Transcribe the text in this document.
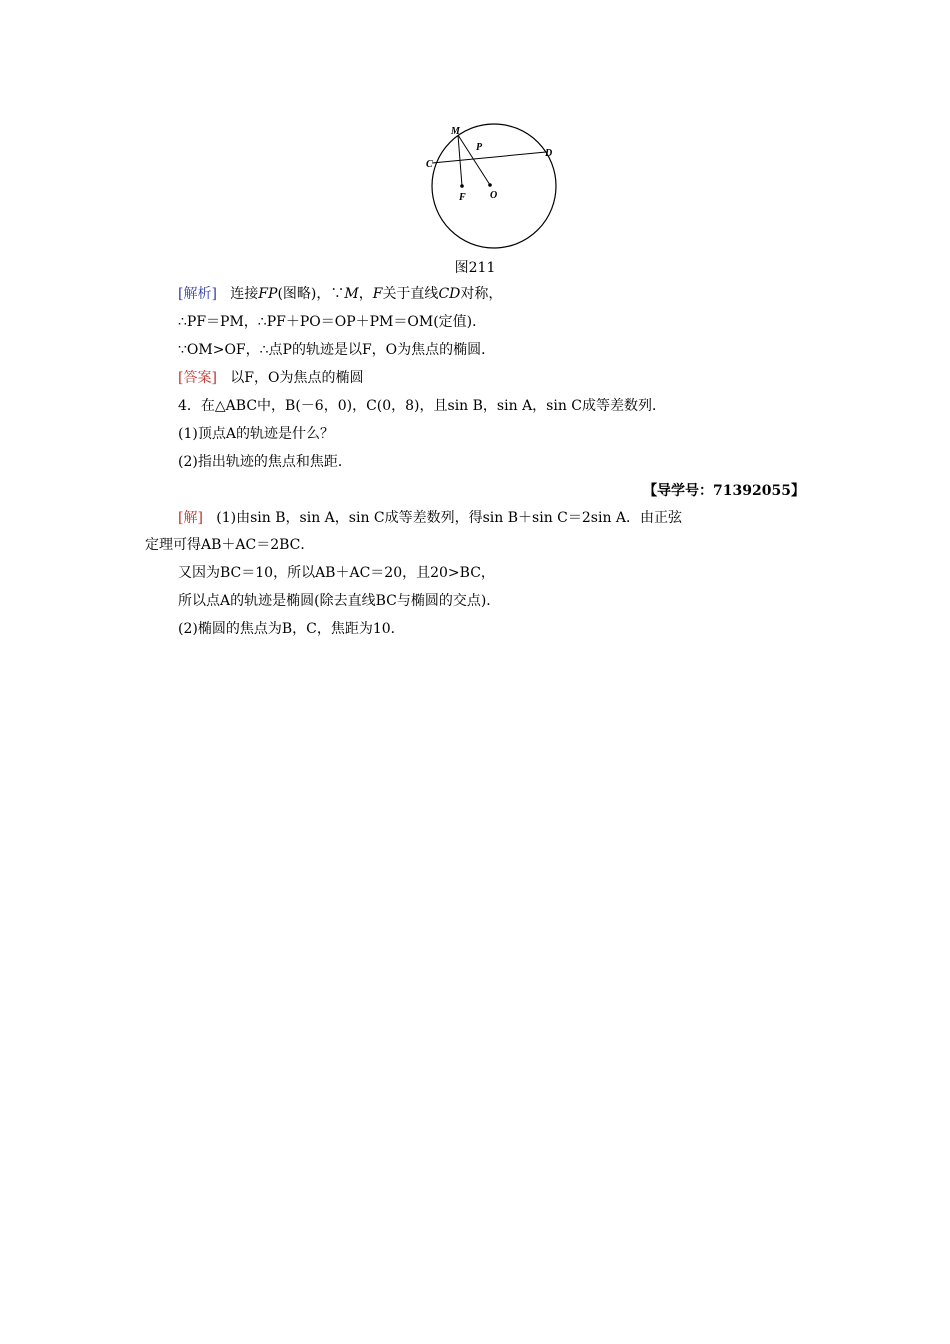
M
P
C
D
F O
图211
[解析] 连接FP(图略)，∵M，F关于直线CD对称，
∴PF＝PM，∴PF＋PO＝OP＋PM＝OM(定值)．
∵OM>OF，∴点P的轨迹是以F，O为焦点的椭圆．
[答案] 以F，O为焦点的椭圆
4．在△ABC中，B(－6，0)，C(0，8)，且sin B，sin A，sin C成等差数列．
(1)顶点A的轨迹是什么？
(2)指出轨迹的焦点和焦距．
【导学号：71392055】
[解] (1)由sin B，sin A，sin C成等差数列，得sin B＋sin C＝2sin A．由正弦
定理可得AB＋AC＝2BC．
又因为BC＝10，所以AB＋AC＝20，且20>BC，
所以点A的轨迹是椭圆(除去直线BC与椭圆的交点)．
(2)椭圆的焦点为B，C，焦距为10．
